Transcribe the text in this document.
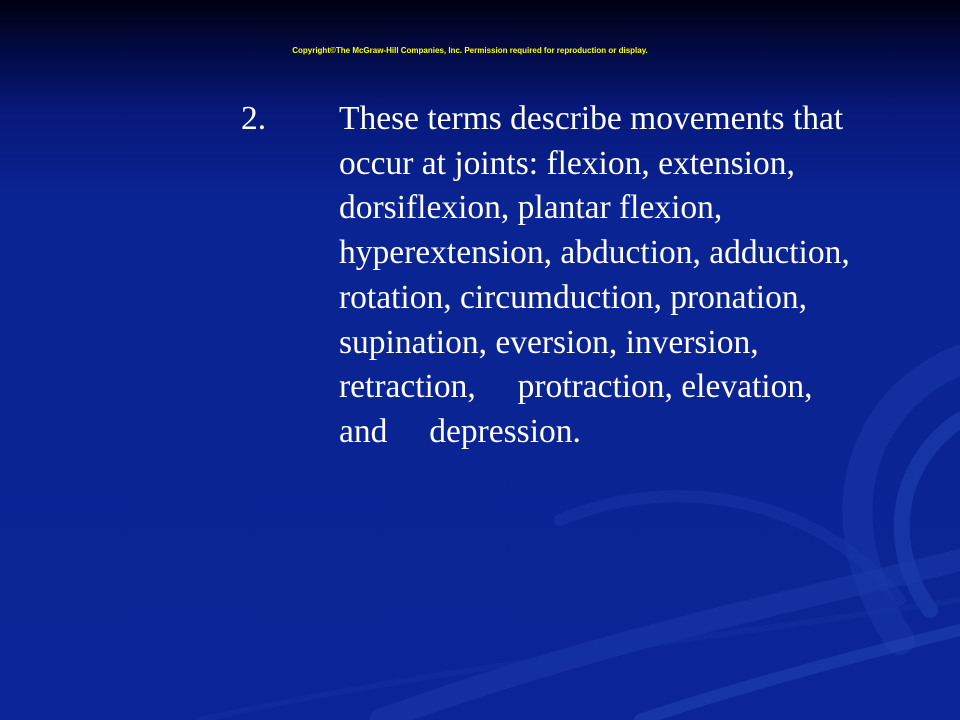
Copyright©The McGraw-Hill Companies, Inc. Permission required for reproduction or display.
2. These terms describe movements that
occur at joints: flexion, extension,
dorsiflexion, plantar flexion,
hyperextension, abduction, adduction,
rotation, circumduction, pronation,
supination, eversion, inversion,
retraction,     protraction, elevation,
and     depression.
